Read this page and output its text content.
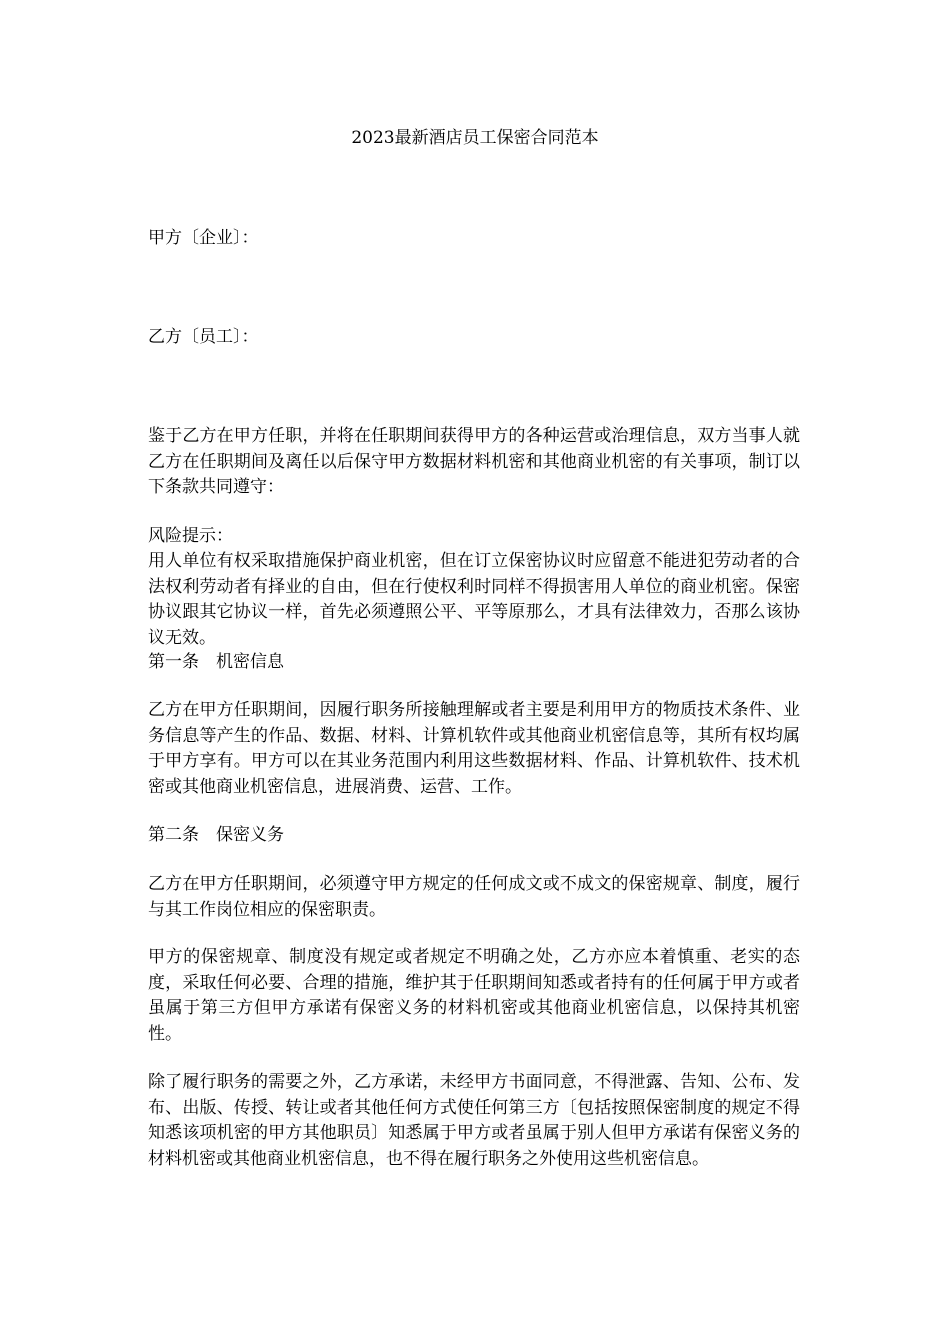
2023最新酒店员工保密合同范本
甲方〔企业〕：
乙方〔员工〕：
鉴于乙方在甲方任职，并将在任职期间获得甲方的各种运营或治理信息，双方当事人就乙方在任职期间及离任以后保守甲方数据材料机密和其他商业机密的有关事项，制订以下条款共同遵守：
风险提示：
用人单位有权采取措施保护商业机密，但在订立保密协议时应留意不能进犯劳动者的合法权利劳动者有择业的自由，但在行使权利时同样不得损害用人单位的商业机密。保密协议跟其它协议一样，首先必须遵照公平、平等原那么，才具有法律效力，否那么该协议无效。
第一条　机密信息
乙方在甲方任职期间，因履行职务所接触理解或者主要是利用甲方的物质技术条件、业务信息等产生的作品、数据、材料、计算机软件或其他商业机密信息等，其所有权均属于甲方享有。甲方可以在其业务范围内利用这些数据材料、作品、计算机软件、技术机密或其他商业机密信息，进展消费、运营、工作。
第二条　保密义务
乙方在甲方任职期间，必须遵守甲方规定的任何成文或不成文的保密规章、制度，履行与其工作岗位相应的保密职责。
甲方的保密规章、制度没有规定或者规定不明确之处，乙方亦应本着慎重、老实的态度，采取任何必要、合理的措施，维护其于任职期间知悉或者持有的任何属于甲方或者虽属于第三方但甲方承诺有保密义务的材料机密或其他商业机密信息，以保持其机密性。
除了履行职务的需要之外，乙方承诺，未经甲方书面同意，不得泄露、告知、公布、发布、出版、传授、转让或者其他任何方式使任何第三方〔包括按照保密制度的规定不得知悉该项机密的甲方其他职员〕知悉属于甲方或者虽属于别人但甲方承诺有保密义务的材料机密或其他商业机密信息，也不得在履行职务之外使用这些机密信息。
